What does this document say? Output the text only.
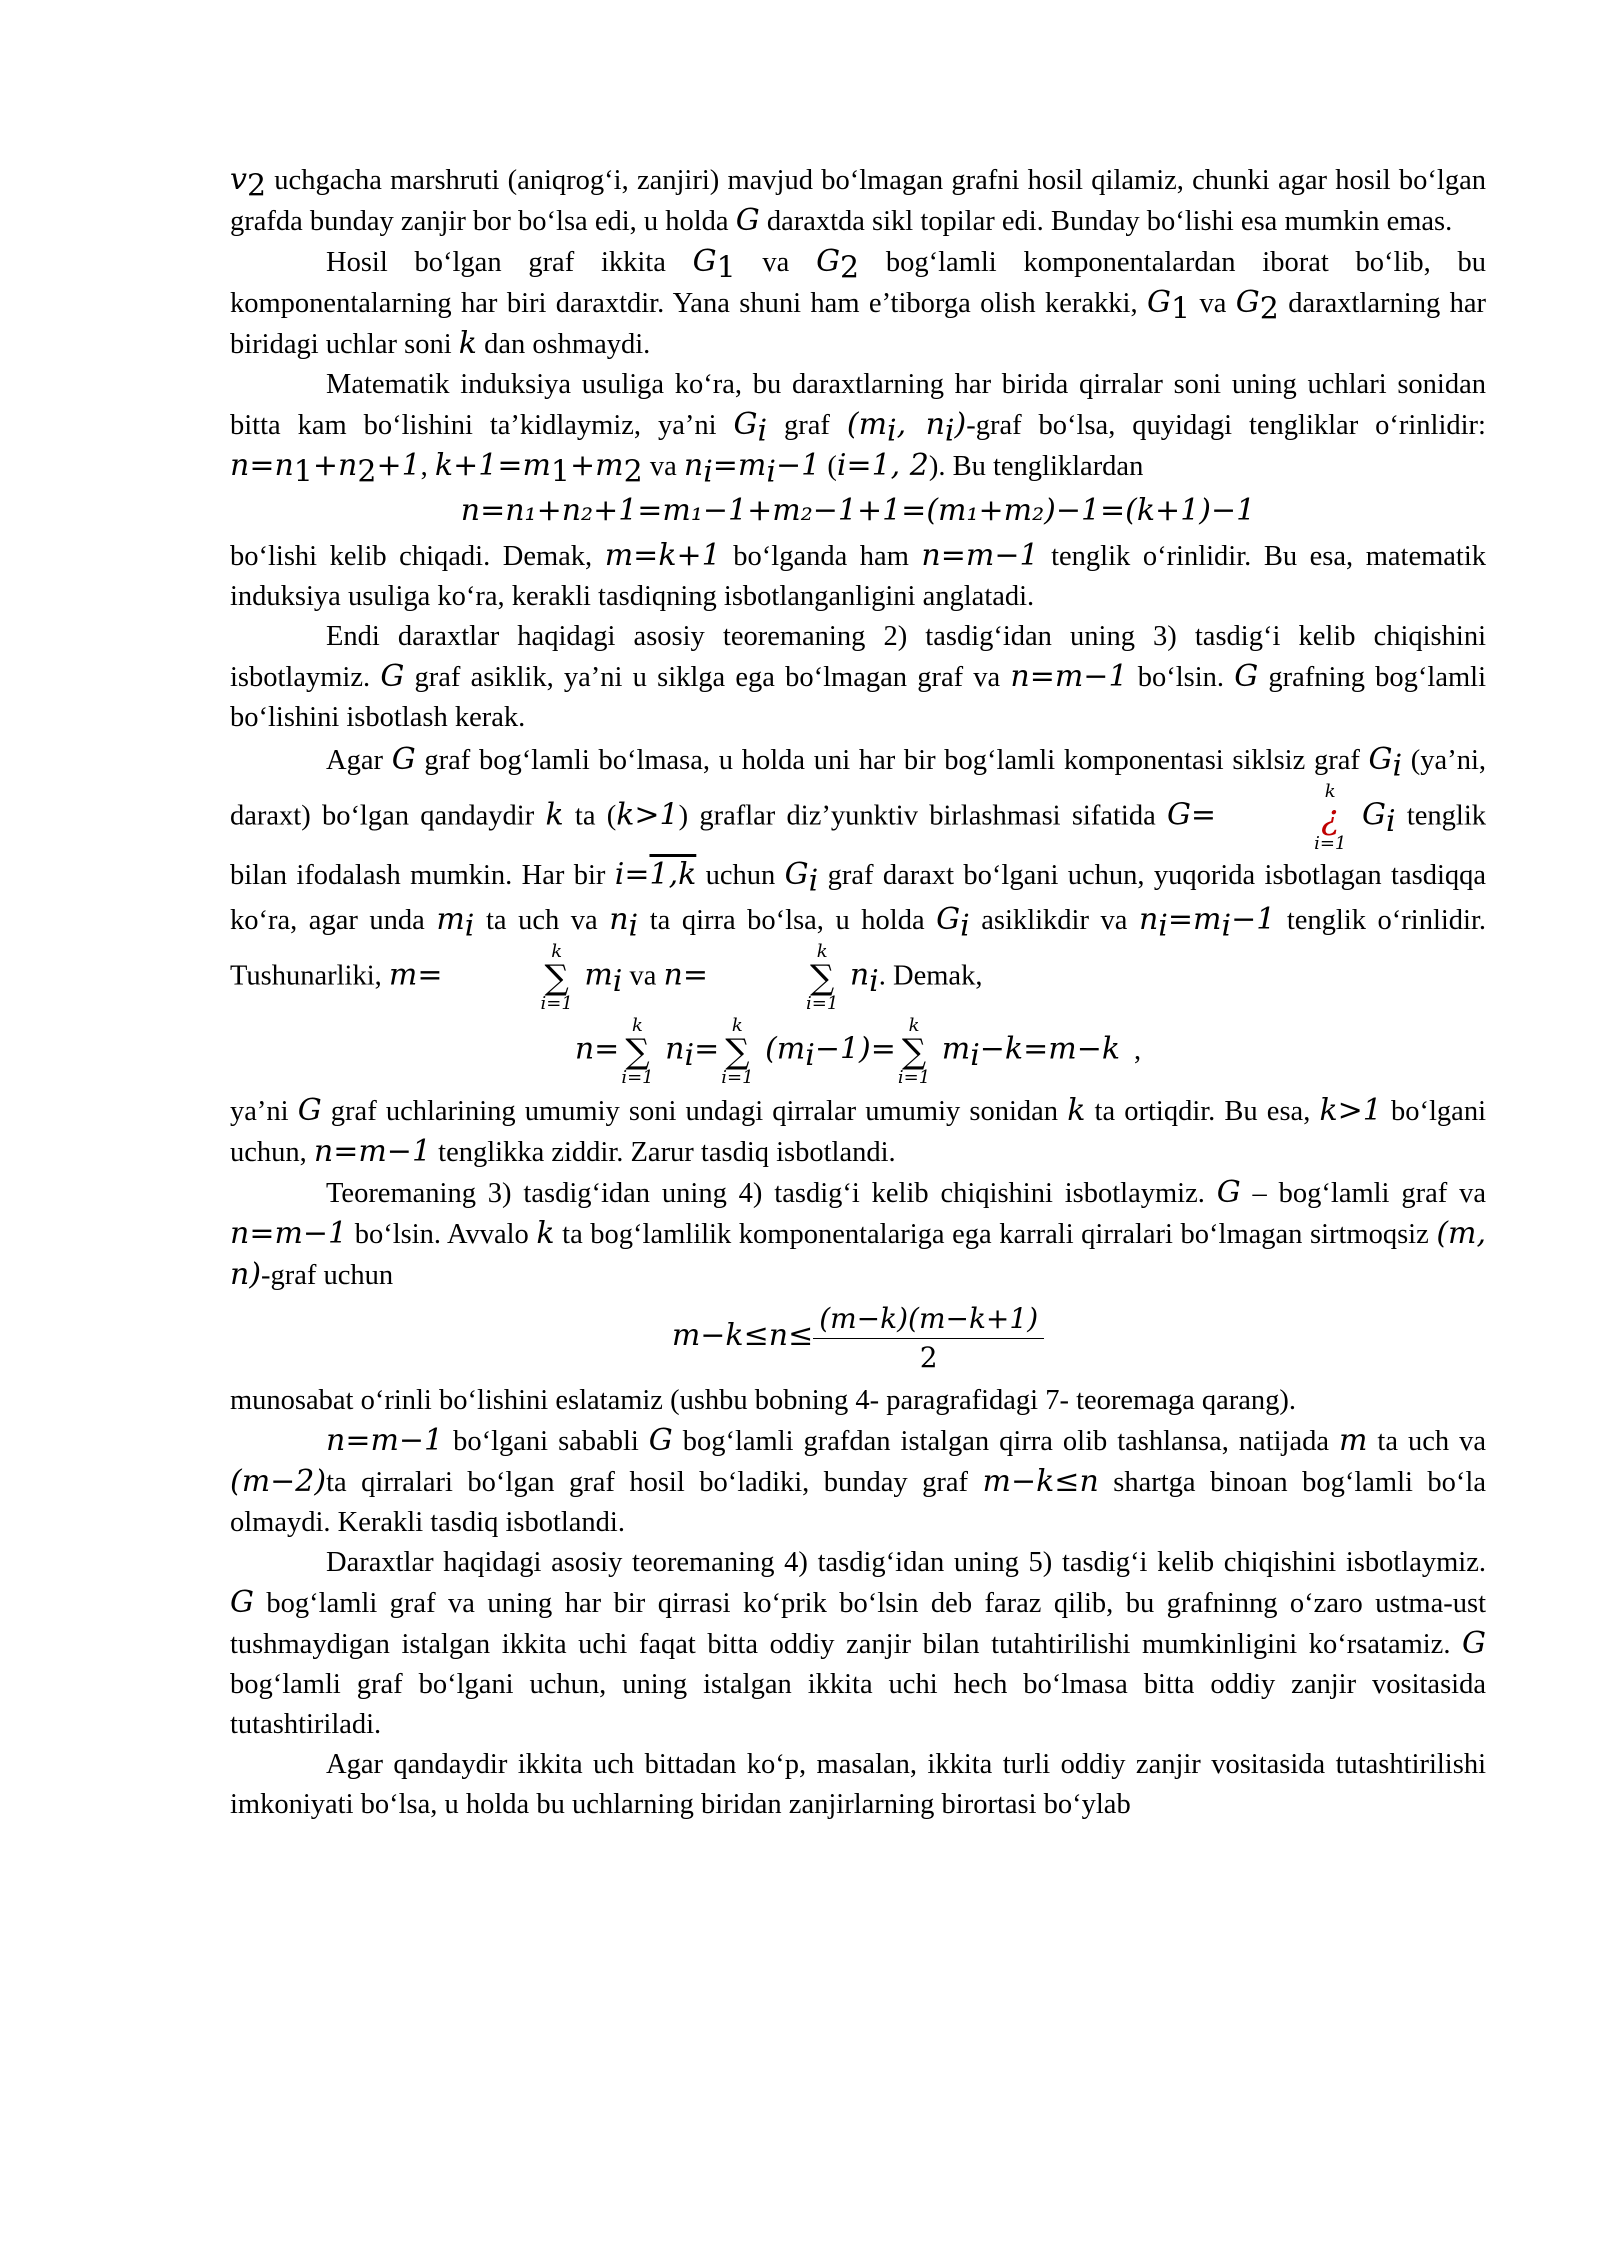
$v_2$ uchgacha marshruti (aniqrog‘i, zanjiri) mavjud bo‘lmagan grafni hosil qilamiz, chunki agar hosil bo‘lgan grafda bunday zanjir bor bo‘lsa edi, u holda G daraxtda sikl topilar edi. Bunday bo‘lishi esa mumkin emas.

Hosil bo‘lgan graf ikkita $G_1$ va $G_2$ bog‘lamli komponentalardan iborat bo‘lib, bu komponentalarning har biri daraxtdir. Yana shuni ham e’tiborga olish kerakki, $G_1$ va $G_2$ daraxtlarning har biridagi uchlar soni k dan oshmaydi.

Matematik induksiya usuliga ko‘ra, bu daraxtlarning har birida qirralar soni uning uchlari sonidan bitta kam bo‘lishini ta’kidlaymiz, ya’ni $G_i$ graf ($m_i$, $n_i$)-graf bo‘lsa, quyidagi tengliklar o‘rinlidir: $n=n_1+n_2+1$, $k+1=m_1+m_2$ va $n_i=m_i-1$ (i=1, 2). Bu tengliklardan

n=n₁+n₂+1=m₁−1+m₂−1+1=(m₁+m₂)−1=(k+1)−1

bo‘lishi kelib chiqadi. Demak, m=k+1 bo‘lganda ham n=m−1 tenglik o‘rinlidir. Bu esa, matematik induksiya usuliga ko‘ra, kerakli tasdiqning isbotlanganligini anglatadi.

Endi daraxtlar haqidagi asosiy teoremaning 2) tasdig‘idan uning 3) tasdig‘i kelib chiqishini isbotlaymiz. G graf asiklik, ya’ni u siklga ega bo‘lmagan graf va n=m−1 bo‘lsin. G grafning bog‘lamli bo‘lishini isbotlash kerak.

Agar G graf bog‘lamli bo‘lmasa, u holda uni har bir bog‘lamli komponentasi siklsiz graf $G_i$ (ya’ni, daraxt) bo‘lgan qandaydir k ta (k>1) graflar diz’yunktiv birlashmasi sifatida G=
k
¿
i=1
$G_i$ tenglik bilan ifodalash mumkin. Har bir i=1,k uchun $G_i$ graf daraxt bo‘lgani uchun, yuqorida isbotlagan tasdiqqa ko‘ra, agar unda $m_i$ ta uch va $n_i$ ta qirra bo‘lsa, u holda $G_i$ asiklikdir va $n_i=m_i-1$ tenglik o‘rinlidir. Tushunarliki, m=
k
∑
i=1
$m_i$ va n=
k
∑
i=1
$n_i$. Demak,

n=
k
∑
i=1
$n_i=$
k
∑
i=1
$(m_i-1)=$
k
∑
i=1
$m_i-k=m-k$ ,

ya’ni G graf uchlarining umumiy soni undagi qirralar umumiy sonidan k ta ortiqdir. Bu esa, k>1 bo‘lgani uchun, n=m−1 tenglikka ziddir. Zarur tasdiq isbotlandi.

Teoremaning 3) tasdig‘idan uning 4) tasdig‘i kelib chiqishini isbotlaymiz. G – bog‘lamli graf va n=m−1 bo‘lsin. Avvalo k ta bog‘lamlilik komponentalariga ega karrali qirralari bo‘lmagan sirtmoqsiz (m, n)-graf uchun

$m-k\le n\le \frac{(m-k)(m-k+1)}{2}$

munosabat o‘rinli bo‘lishini eslatamiz (ushbu bobning 4- paragrafidagi 7- teoremaga qarang).

n=m−1 bo‘lgani sababli G bog‘lamli grafdan istalgan qirra olib tashlansa, natijada m ta uch va (m−2)ta qirralari bo‘lgan graf hosil bo‘ladiki, bunday graf m−k≤n shartga binoan bog‘lamli bo‘la olmaydi. Kerakli tasdiq isbotlandi.

Daraxtlar haqidagi asosiy teoremaning 4) tasdig‘idan uning 5) tasdig‘i kelib chiqishini isbotlaymiz. G bog‘lamli graf va uning har bir qirrasi ko‘prik bo‘lsin deb faraz qilib, bu grafninng o‘zaro ustma-ust tushmaydigan istalgan ikkita uchi faqat bitta oddiy zanjir bilan tutahtirilishi mumkinligini ko‘rsatamiz. G bog‘lamli graf bo‘lgani uchun, uning istalgan ikkita uchi hech bo‘lmasa bitta oddiy zanjir vositasida tutashtiriladi.

Agar qandaydir ikkita uch bittadan ko‘p, masalan, ikkita turli oddiy zanjir vositasida tutashtirilishi imkoniyati bo‘lsa, u holda bu uchlarning biridan zanjirlarning birortasi bo‘ylab
